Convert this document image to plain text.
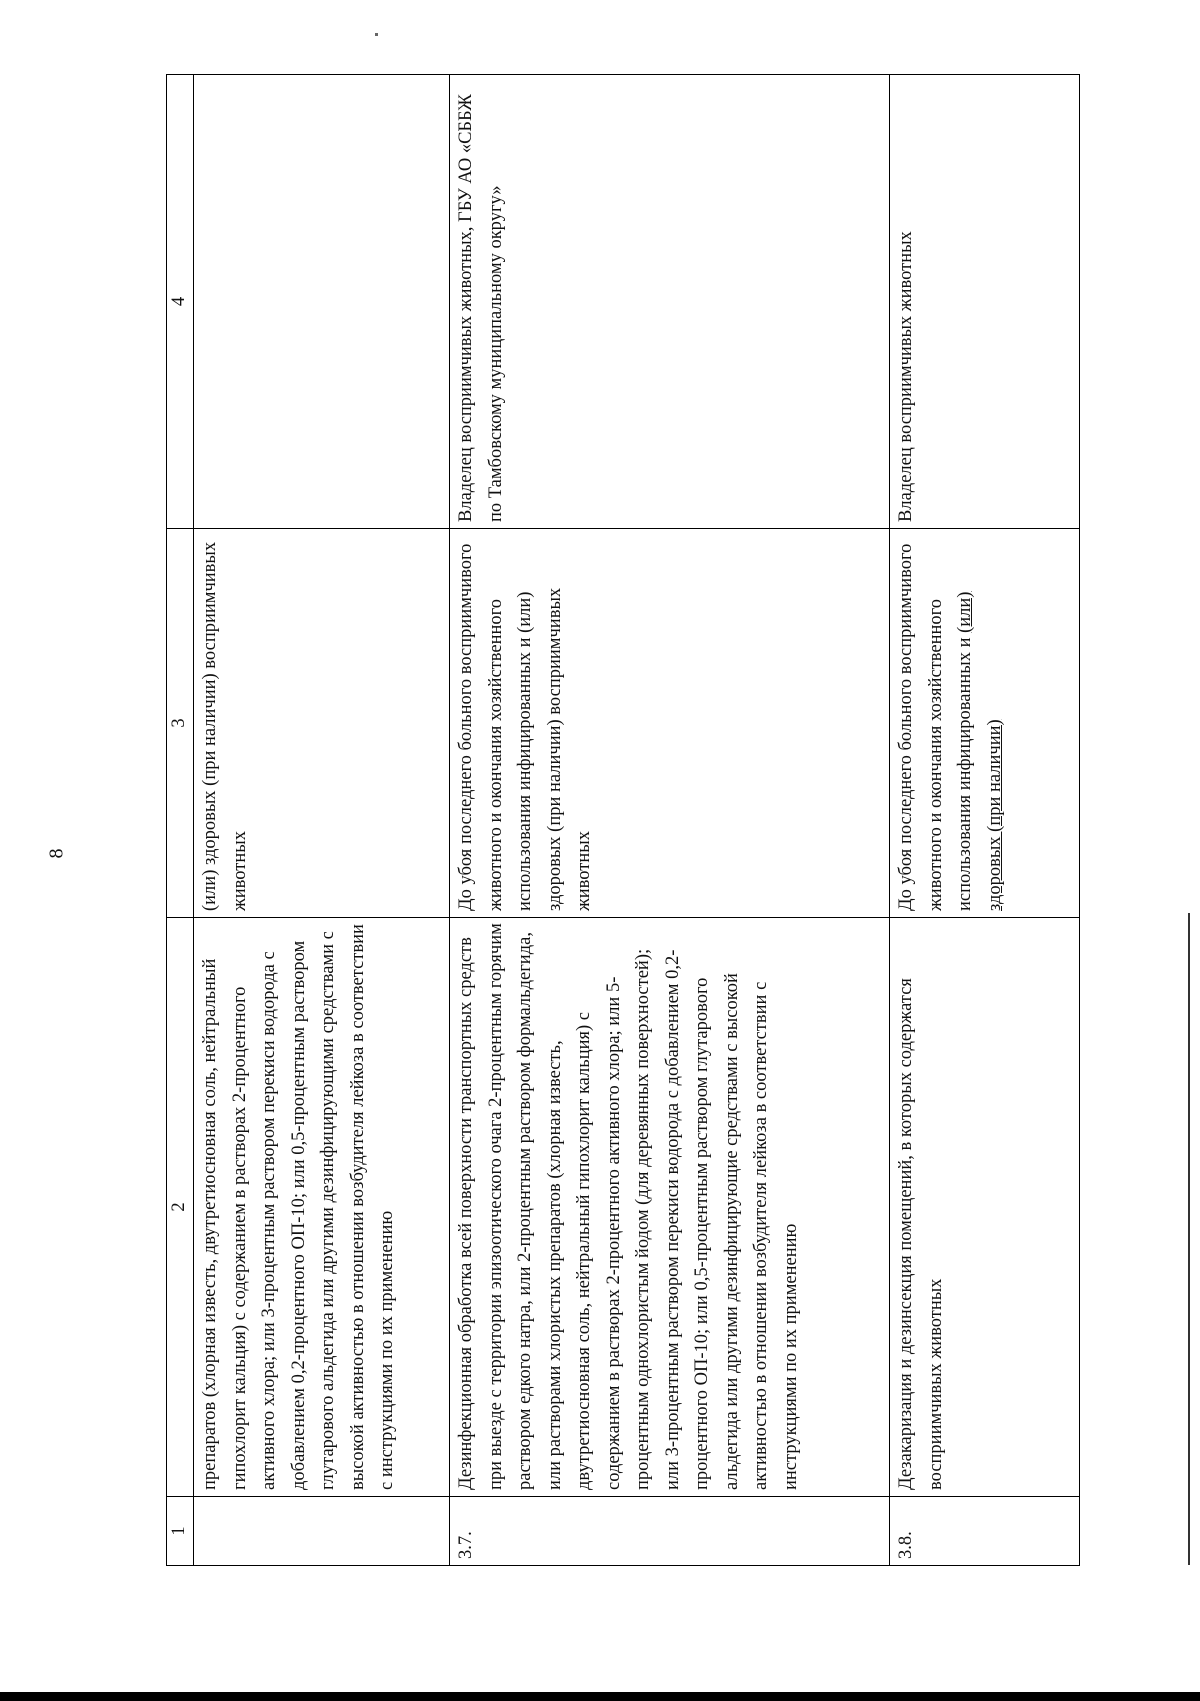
8
1	2	3	4
	препаратов (хлорная известь, двутретиосновная соль, нейтральный гипохлорит кальция) с содержанием в растворах 2-процентного активного хлора; или 3-процентным раствором перекиси водорода с добавлением 0,2-процентного ОП-10; или 0,5-процентным раствором глутарового альдегида или другими дезинфицирующими средствами с высокой активностью в отношении возбудителя лейкоза в соответствии с инструкциями по их применению	(или) здоровых (при наличии) восприимчивых животных	
3.7.	Дезинфекционная обработка всей поверхности транспортных средств при выезде с территории эпизоотического очага 2-процентным горячим раствором едкого натра, или 2-процентным раствором формальдегида, или растворами хлористых препаратов (хлорная известь, двутретиосновная соль, нейтральный гипохлорит кальция) с содержанием в растворах 2-процентного активного хлора; или 5-процентным однохлористым йодом (для деревянных поверхностей); или 3-процентным раствором перекиси водорода с добавлением 0,2-процентного ОП-10; или 0,5-процентным раствором глутарового альдегида или другими дезинфицирующие средствами с высокой активностью в отношении возбудителя лейкоза в соответствии с инструкциями по их применению	До убоя последнего больного восприимчивого животного и окончания хозяйственного использования инфицированных и (или) здоровых (при наличии) восприимчивых животных	Владелец восприимчивых животных, ГБУ АО «СББЖ по Тамбовскому муниципальному округу»
3.8.	Дезакаризация и дезинсекция помещений, в которых содержатся восприимчивых животных	До убоя последнего больного восприимчивого животного и окончания хозяйственного использования инфицированных и (или) здоровых (при наличии)	Владелец восприимчивых животных
